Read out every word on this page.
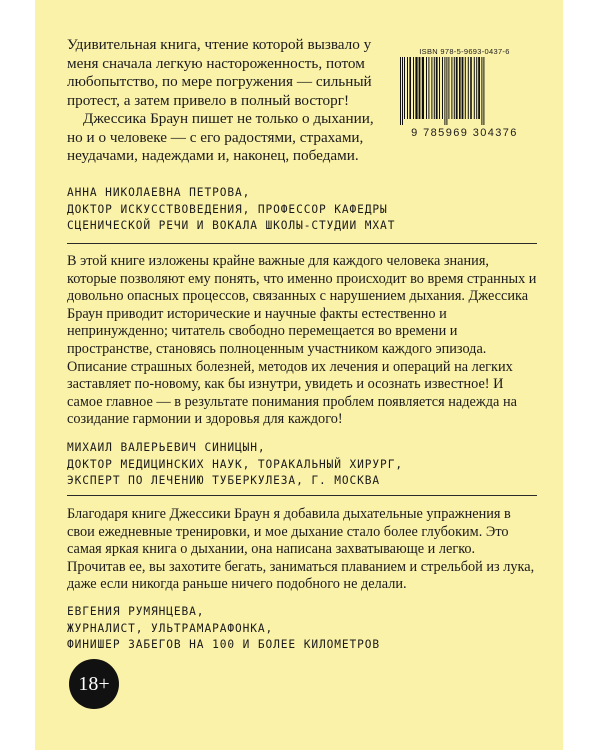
Удивительная книга, чтение которой вызвало у меня сначала легкую настороженность, потом любопытство, по мере погружения — сильный протест, а затем привело в полный восторг!

Джессика Браун пишет не только о дыхании, но и о человеке — с его радостями, страхами, неудачами, надеждами и, наконец, победами.

ISBN 978-5-9693-0437-6
9 785969 304376
АННА НИКОЛАЕВНА ПЕТРОВА,
ДОКТОР ИСКУССТВОВЕДЕНИЯ, ПРОФЕССОР КАФЕДРЫ
СЦЕНИЧЕСКОЙ РЕЧИ И ВОКАЛА ШКОЛЫ-СТУДИИ МХАТ

В этой книге изложены крайне важные для каждого человека знания, которые позволяют ему понять, что именно происходит во время странных и довольно опасных процессов, связанных с нарушением дыхания. Джессика Браун приводит исторические и научные факты естественно и непринужденно; читатель свободно перемещается во времени и пространстве, становясь полноценным участником каждого эпизода. Описание страшных болезней, методов их лечения и операций на легких заставляет по-новому, как бы изнутри, увидеть и осознать известное! И самое главное — в результате понимания проблем появляется надежда на созидание гармонии и здоровья для каждого!

МИХАИЛ ВАЛЕРЬЕВИЧ СИНИЦЫН,
ДОКТОР МЕДИЦИНСКИХ НАУК, ТОРАКАЛЬНЫЙ ХИРУРГ,
ЭКСПЕРТ ПО ЛЕЧЕНИЮ ТУБЕРКУЛЕЗА, Г. МОСКВА

Благодаря книге Джессики Браун я добавила дыхательные упражнения в свои ежедневные тренировки, и мое дыхание стало более глубоким. Это самая яркая книга о дыхании, она написана захватывающе и легко. Прочитав ее, вы захотите бегать, заниматься плаванием и стрельбой из лука, даже если никогда раньше ничего подобного не делали.

ЕВГЕНИЯ РУМЯНЦЕВА,
ЖУРНАЛИСТ, УЛЬТРАМАРАФОНКА,
ФИНИШЕР ЗАБЕГОВ НА 100 И БОЛЕЕ КИЛОМЕТРОВ
18+
